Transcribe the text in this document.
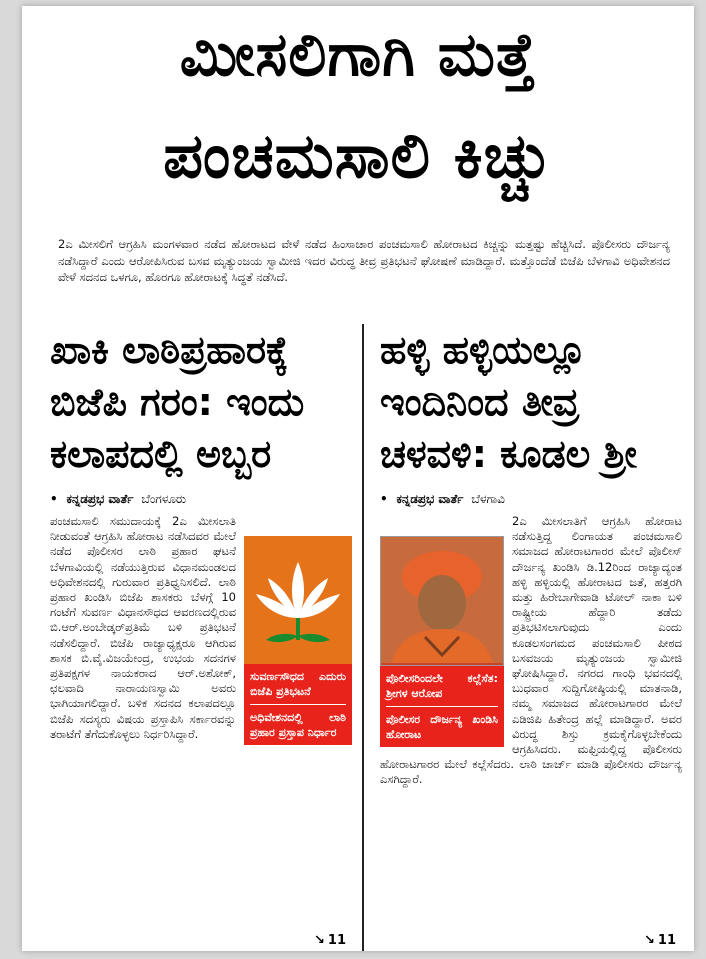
ಮೀಸಲಿಗಾಗಿ ಮತ್ತೆ
ಪಂಚಮಸಾಲಿ ಕಿಚ್ಚು
2ಎ ಮೀಸಲಿಗೆ ಆಗ್ರಹಿಸಿ ಮಂಗಳವಾರ ನಡೆದ ಹೋರಾಟದ ವೇಳೆ ನಡೆದ ಹಿಂಸಾಚಾರ ಪಂಚಮಸಾಲಿ ಹೋರಾಟದ ಕಿಚ್ಚನ್ನು ಮತ್ತಷ್ಟು ಹೆಚ್ಚಿಸಿದೆ. ಪೊಲೀಸರು ದೌರ್ಜನ್ಯ ನಡೆಸಿದ್ದಾರೆ ಎಂದು ಆರೋಪಿಸಿರುವ ಬಸವ ಮೃತ್ಯುಂಜಯ ಸ್ವಾಮೀಜಿ ಇದರ ವಿರುದ್ಧ ತೀವ್ರ ಪ್ರತಿಭಟನೆ ಘೋಷಣೆ ಮಾಡಿದ್ದಾರೆ. ಮತ್ತೊಂದೆಡೆ ಬಿಜೆಪಿ ಬೆಳಗಾವಿ ಅಧಿವೇಶನದ ವೇಳೆ ಸದನದ ಒಳಗೂ, ಹೊರಗೂ ಹೋರಾಟಕ್ಕೆ ಸಿದ್ಧತೆ ನಡೆಸಿದೆ.
ಖಾಕಿ ಲಾಠಿಪ್ರಹಾರಕ್ಕೆ
ಬಿಜೆಪಿ ಗರಂ: ಇಂದು
ಕಲಾಪದಲ್ಲಿ ಅಬ್ಬರ
• ಕನ್ನಡಪ್ರಭ ವಾರ್ತೆ ಬೆಂಗಳೂರು
ಸುವರ್ಣಸೌಧದ ಎದುರು ಬಿಜೆಪಿ ಪ್ರತಿಭಟನೆ
ಅಧಿವೇಶನದಲ್ಲಿ ಲಾಠಿ ಪ್ರಹಾರ ಪ್ರಸ್ತಾಪ ನಿರ್ಧಾರ
ಪಂಚಮಸಾಲಿ ಸಮುದಾಯಕ್ಕೆ 2ಎ ಮೀಸಲಾತಿ ನೀಡುವಂತೆ ಆಗ್ರಹಿಸಿ ಹೋರಾಟ ನಡೆಸಿದವರ ಮೇಲೆ ನಡೆದ ಪೊಲೀಸರ ಲಾಠಿ ಪ್ರಹಾರ ಘಟನೆ ಬೆಳಗಾವಿಯಲ್ಲಿ ನಡೆಯುತ್ತಿರುವ ವಿಧಾನಮಂಡಲದ ಅಧಿವೇಶನದಲ್ಲಿ ಗುರುವಾರ ಪ್ರತಿಧ್ವನಿಸಲಿದೆ. ಲಾಠಿ ಪ್ರಹಾರ ಖಂಡಿಸಿ ಬಿಜೆಪಿ ಶಾಸಕರು ಬೆಳಗ್ಗೆ 10 ಗಂಟೆಗೆ ಸುವರ್ಣ ವಿಧಾನಸೌಧದ ಆವರಣದಲ್ಲಿರುವ ಬಿ.ಆರ್.ಅಂಬೇಡ್ಕರ್‌ಪ್ರತಿಮೆ ಬಳಿ ಪ್ರತಿಭಟನೆ ನಡೆಸಲಿದ್ದಾರೆ. ಬಿಜೆಪಿ ರಾಜ್ಯಾಧ್ಯಕ್ಷರೂ ಆಗಿರುವ ಶಾಸಕ ಬಿ.ವೈ.ವಿಜಯೇಂದ್ರ, ಉಭಯ ಸದನಗಳ ಪ್ರತಿಪಕ್ಷಗಳ ನಾಯಕರಾದ ಆರ್.ಅಶೋಕ್, ಛಲವಾದಿ ನಾರಾಯಣಸ್ವಾಮಿ ಅವರು ಭಾಗಿಯಾಗಲಿದ್ದಾರೆ. ಬಳಿಕ ಸದನದ ಕಲಾಪದಲ್ಲೂ ಬಿಜೆಪಿ ಸದಸ್ಯರು ವಿಷಯ ಪ್ರಸ್ತಾಪಿಸಿ ಸರ್ಕಾರವನ್ನು ತರಾಟೆಗೆ ತೆಗೆದುಕೊಳ್ಳಲು ನಿರ್ಧರಿಸಿದ್ದಾರೆ.
↘ 11
ಹಳ್ಳಿ ಹಳ್ಳಿಯಲ್ಲೂ
ಇಂದಿನಿಂದ ತೀವ್ರ
ಚಳವಳಿ: ಕೂಡಲ ಶ್ರೀ
• ಕನ್ನಡಪ್ರಭ ವಾರ್ತೆ ಬೆಳಗಾವಿ
ಪೊಲೀಸರಿಂದಲೇ ಕಲ್ಲೆಸೆತ: ಶ್ರೀಗಳ ಆರೋಪ
ಪೊಲೀಸರ ದೌರ್ಜನ್ಯ ಖಂಡಿಸಿ ಹೋರಾಟ
2ಎ ಮೀಸಲಾತಿಗೆ ಆಗ್ರಹಿಸಿ ಹೋರಾಟ ನಡೆಸುತ್ತಿದ್ದ ಲಿಂಗಾಯತ ಪಂಚಮಸಾಲಿ ಸಮಾಜದ ಹೋರಾಟಗಾರರ ಮೇಲೆ ಪೊಲೀಸ್ ದೌರ್ಜನ್ಯ ಖಂಡಿಸಿ ಡಿ.12ರಿಂದ ರಾಜ್ಯಾದ್ಯಂತ ಹಳ್ಳಿ ಹಳ್ಳಿಯಲ್ಲಿ ಹೋರಾಟದ ಜತೆ, ಹತ್ತರಗಿ ಮತ್ತು ಹಿರೇಬಾಗೇವಾಡಿ ಟೋಲ್ ನಾಕಾ ಬಳಿ ರಾಷ್ಟ್ರೀಯ ಹೆದ್ದಾರಿ ತಡೆದು ಪ್ರತಿಭಟಿಸಲಾಗುವುದು ಎಂದು ಕೂಡಲಸಂಗಮದ ಪಂಚಮಸಾಲಿ ಪೀಠದ ಬಸವಜಯ ಮೃತ್ಯುಂಜಯ ಸ್ವಾಮೀಜಿ ಘೋಷಿಸಿದ್ದಾರೆ. ನಗರದ ಗಾಂಧಿ ಭವನದಲ್ಲಿ ಬುಧವಾರ ಸುದ್ದಿಗೋಷ್ಠಿಯಲ್ಲಿ ಮಾತನಾಡಿ, ನಮ್ಮ ಸಮಾಜದ ಹೋರಾಟಗಾರರ ಮೇಲೆ ಎಡಿಜಿಪಿ ಹಿತೇಂದ್ರ ಹಲ್ಲೆ ಮಾಡಿದ್ದಾರೆ. ಅವರ ವಿರುದ್ಧ ಶಿಸ್ತು ಕ್ರಮಕೈಗೊಳ್ಳಬೇಕೆಂದು ಆಗ್ರಹಿಸಿದರು. ಮಫ್ತಿಯಲ್ಲಿದ್ದ ಪೊಲೀಸರು ಹೋರಾಟಗಾರರ ಮೇಲೆ ಕಲ್ಲೆಸೆದರು. ಲಾಠಿ ಚಾರ್ಜ್ ಮಾಡಿ ಪೊಲೀಸರು ದೌರ್ಜನ್ಯ ಎಸಗಿದ್ದಾರೆ.
↘ 11
